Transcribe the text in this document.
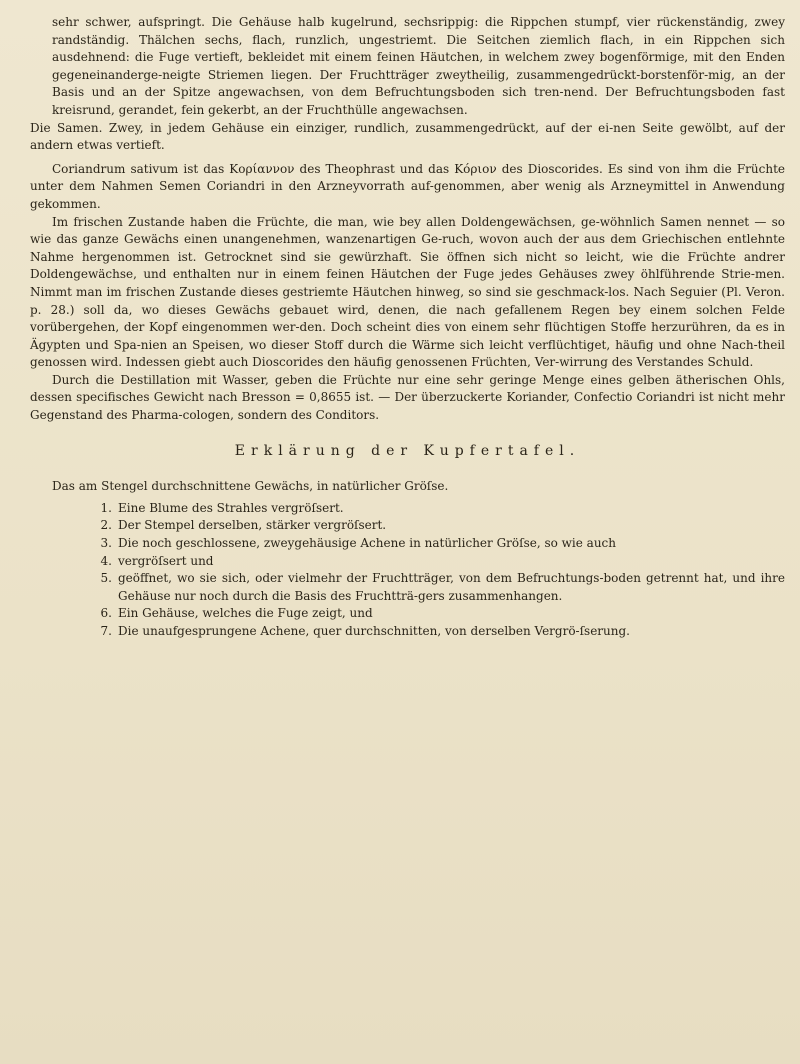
sehr schwer, aufspringt. Die Gehäuse halb kugelrund, sechsrippig: die Rippchen stumpf, vier rückenständig, zwey randständig. Thälchen sechs, flach, runzlich, ungestriemt. Die Seitchen ziemlich flach, in ein Rippchen sich ausdehnend: die Fuge vertieft, bekleidet mit einem feinen Häutchen, in welchem zwey bogenförmige, mit den Enden gegeneinanderge-neigte Striemen liegen. Der Fruchtträger zweytheilig, zusammengedrückt-borstenför-mig, an der Basis und an der Spitze angewachsen, von dem Befruchtungsboden sich tren-nend. Der Befruchtungsboden fast kreisrund, gerandet, fein gekerbt, an der Fruchthülle angewachsen.

Die Samen. Zwey, in jedem Gehäuse ein einziger, rundlich, zusammengedrückt, auf der ei-nen Seite gewölbt, auf der andern etwas vertieft.

Coriandrum sativum ist das Κορίαννον des Theophrast und das Κόριον des Dioscorides. Es sind von ihm die Früchte unter dem Nahmen Semen Coriandri in den Arzneyvorrath auf-genommen, aber wenig als Arzneymittel in Anwendung gekommen.

Im frischen Zustande haben die Früchte, die man, wie bey allen Doldengewächsen, ge-wöhnlich Samen nennet — so wie das ganze Gewächs einen unangenehmen, wanzenartigen Ge-ruch, wovon auch der aus dem Griechischen entlehnte Nahme hergenommen ist. Getrocknet sind sie gewürzhaft. Sie öffnen sich nicht so leicht, wie die Früchte andrer Doldengewächse, und enthalten nur in einem feinen Häutchen der Fuge jedes Gehäuses zwey öhlführende Strie-men. Nimmt man im frischen Zustande dieses gestriemte Häutchen hinweg, so sind sie geschmack-los. Nach Seguier (Pl. Veron. p. 28.) soll da, wo dieses Gewächs gebauet wird, denen, die nach gefallenem Regen bey einem solchen Felde vorübergehen, der Kopf eingenommen wer-den. Doch scheint dies von einem sehr flüchtigen Stoffe herzurühren, da es in Ägypten und Spa-nien an Speisen, wo dieser Stoff durch die Wärme sich leicht verflüchtiget, häufig und ohne Nach-theil genossen wird. Indessen giebt auch Dioscorides den häufig genossenen Früchten, Ver-wirrung des Verstandes Schuld.

Durch die Destillation mit Wasser, geben die Früchte nur eine sehr geringe Menge eines gelben ätherischen Ohls, dessen specifisches Gewicht nach Bresson = 0,8655 ist. — Der überzuckerte Koriander, Confectio Coriandri ist nicht mehr Gegenstand des Pharma-cologen, sondern des Conditors.

Erklärung der Kupfertafel.

Das am Stengel durchschnittene Gewächs, in natürlicher Gröſse.

1. Eine Blume des Strahles vergröſsert.
2. Der Stempel derselben, stärker vergröſsert.
3. Die noch geschlossene, zweygehäusige Achene in natürlicher Gröſse, so wie auch
4. vergröſsert und
5. geöffnet, wo sie sich, oder vielmehr der Fruchtträger, von dem Befruchtungs-boden getrennt hat, und ihre Gehäuse nur noch durch die Basis des Fruchtträ-gers zusammenhangen.
6. Ein Gehäuse, welches die Fuge zeigt, und
7. Die unaufgesprungene Achene, quer durchschnitten, von derselben Vergrö-ſserung.
